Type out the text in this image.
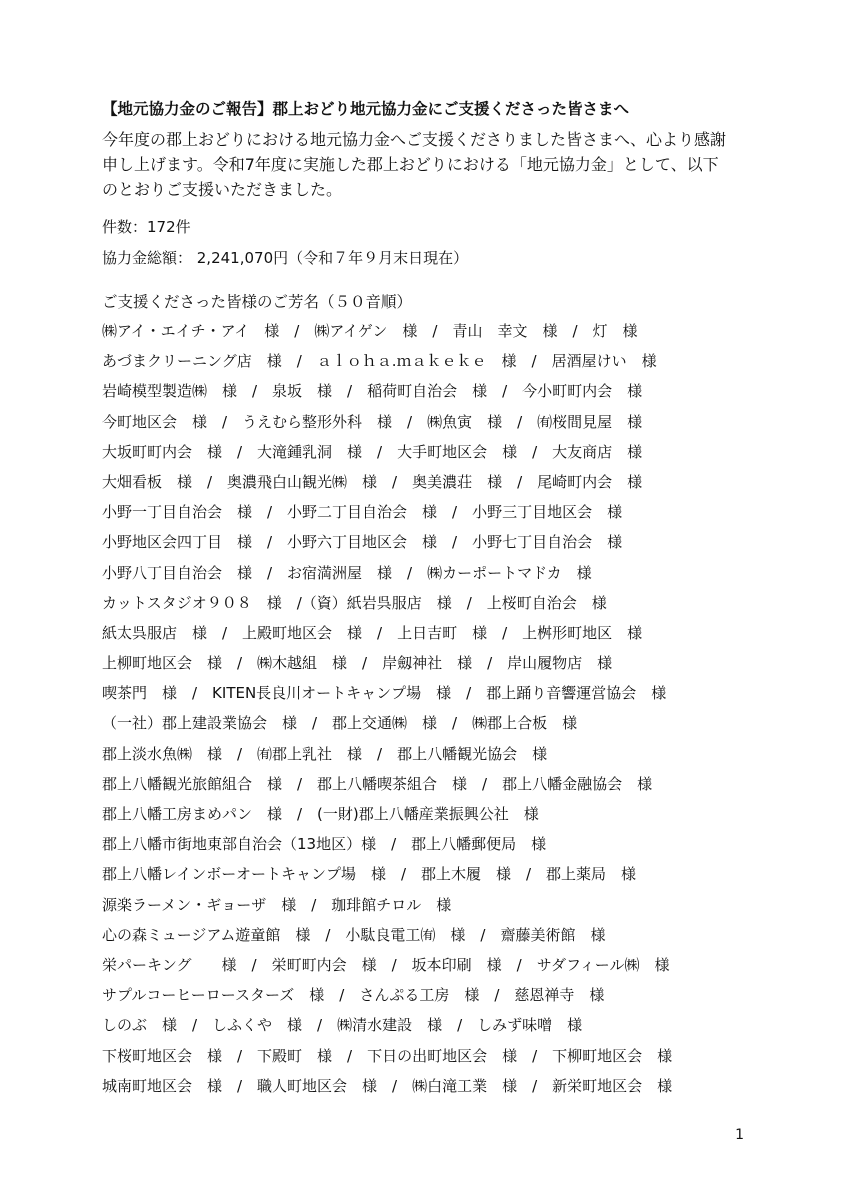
【地元協力金のご報告】郡上おどり地元協力金にご支援くださった皆さまへ
今年度の郡上おどりにおける地元協力金へご支援くださりました皆さまへ、心より感謝
申し上げます。令和7年度に実施した郡上おどりにおける「地元協力金」として、以下
のとおりご支援いただきました。
件数：172件
協力金総額： 2,241,070円（令和７年９月末日現在）
ご支援くださった皆様のご芳名（５０音順）
㈱アイ・エイチ・アイ　様　/　㈱アイゲン　様　/　青山　幸文　様　/　灯　様
あづまクリーニング店　様　/　ａｌｏｈａ.ｍａｋｅｋｅ　様　/　居酒屋けい　様
岩崎模型製造㈱　様　/　泉坂　様　/　稲荷町自治会　様　/　今小町町内会　様
今町地区会　様　/　うえむら整形外科　様　/　㈱魚寅　様　/　㈲桜間見屋　様
大坂町町内会　様　/　大滝鍾乳洞　様　/　大手町地区会　様　/　大友商店　様
大畑看板　様　/　奥濃飛白山観光㈱　様　/　奥美濃荘　様　/　尾崎町内会　様
小野一丁目自治会　様　/　小野二丁目自治会　様　/　小野三丁目地区会　様
小野地区会四丁目　様　/　小野六丁目地区会　様　/　小野七丁目自治会　様
小野八丁目自治会　様　/　お宿満洲屋　様　/　㈱カーポートマドカ　様
カットスタジオ９０８　様　/（資）紙岩呉服店　様　/　上桜町自治会　様
紙太呉服店　様　/　上殿町地区会　様　/　上日吉町　様　/　上桝形町地区　様
上柳町地区会　様　/　㈱木越組　様　/　岸劔神社　様　/　岸山履物店　様
喫茶門　様　/　KITEN長良川オートキャンプ場　様　/　郡上踊り音響運営協会　様
（一社）郡上建設業協会　様　/　郡上交通㈱　様　/　㈱郡上合板　様
郡上淡水魚㈱　様　/　㈲郡上乳社　様　/　郡上八幡観光協会　様
郡上八幡観光旅館組合　様　/　郡上八幡喫茶組合　様　/　郡上八幡金融協会　様
郡上八幡工房まめパン　様　/　(一財)郡上八幡産業振興公社　様
郡上八幡市街地東部自治会（13地区）様　/　郡上八幡郵便局　様
郡上八幡レインボーオートキャンプ場　様　/　郡上木履　様　/　郡上薬局　様
源楽ラーメン・ギョーザ　様　/　珈琲館チロル　様
心の森ミュージアム遊童館　様　/　小駄良電工㈲　様　/　齋藤美術館　様
栄パーキング　　様　/　栄町町内会　様　/　坂本印刷　様　/　サダフィール㈱　様
サプルコーヒーロースターズ　様　/　さんぷる工房　様　/　慈恩禅寺　様
しのぶ　様　/　しふくや　様　/　㈱清水建設　様　/　しみず味噌　様
下桜町地区会　様　/　下殿町　様　/　下日の出町地区会　様　/　下柳町地区会　様
城南町地区会　様　/　職人町地区会　様　/　㈱白滝工業　様　/　新栄町地区会　様
1
